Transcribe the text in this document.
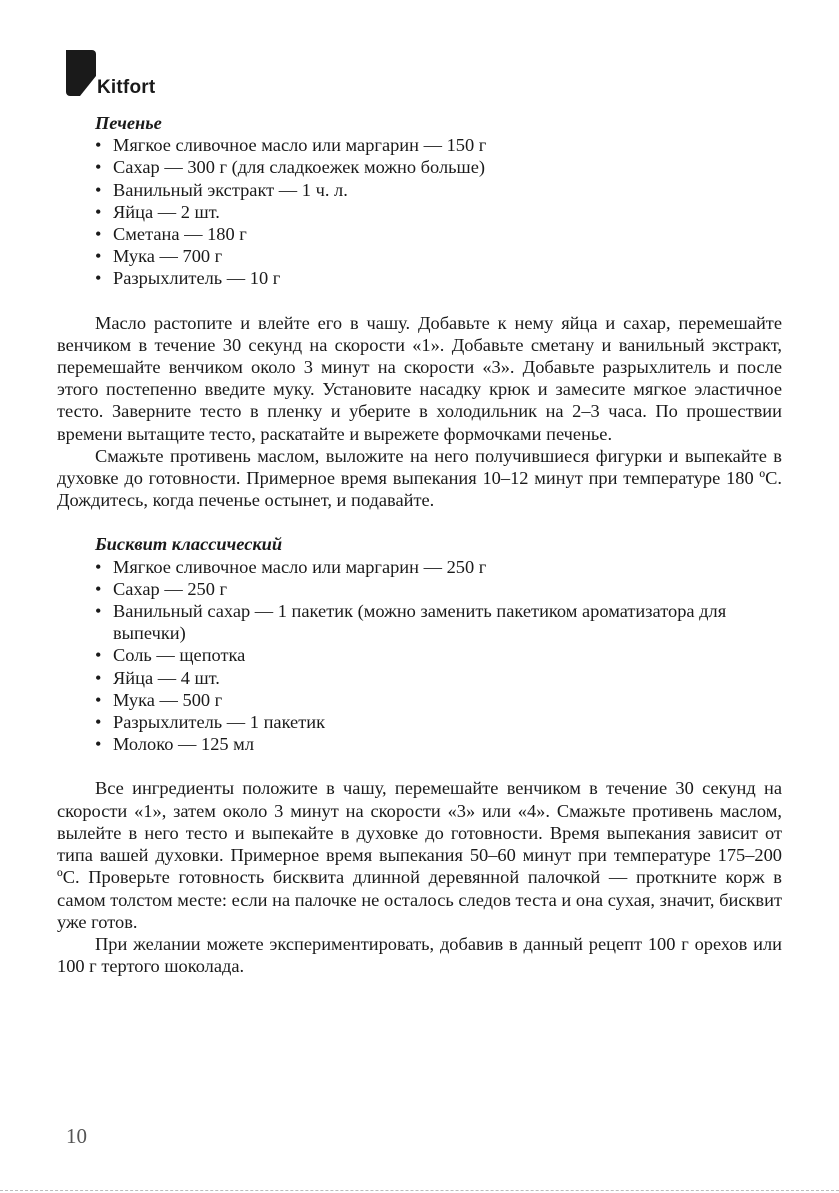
Kitfort

Печенье

• Мягкое сливочное масло или маргарин — 150 г
• Сахар — 300 г (для сладкоежек можно больше)
• Ванильный экстракт — 1 ч. л.
• Яйца — 2 шт.
• Сметана — 180 г
• Мука — 700 г
• Разрыхлитель — 10 г

Масло растопите и влейте его в чашу. Добавьте к нему яйца и сахар, перемешайте венчиком в течение 30 секунд на скорости «1». Добавьте сметану и ванильный экстракт, перемешайте венчиком около 3 минут на скорости «3». Добавьте разрыхлитель и после этого постепенно введите муку. Установите насадку крюк и замесите мягкое эластичное тесто. Заверните тесто в пленку и уберите в холодильник на 2–3 часа. По прошествии времени вытащите тесто, раскатайте и вырежете формочками печенье.

Смажьте противень маслом, выложите на него получившиеся фигурки и выпекайте в духовке до готовности. Примерное время выпекания 10–12 минут при температуре 180 ºС. Дождитесь, когда печенье остынет, и подавайте.

Бисквит классический

• Мягкое сливочное масло или маргарин — 250 г
• Сахар — 250 г
• Ванильный сахар — 1 пакетик (можно заменить пакетиком ароматизатора для выпечки)
• Соль — щепотка
• Яйца — 4 шт.
• Мука — 500 г
• Разрыхлитель — 1 пакетик
• Молоко — 125 мл

Все ингредиенты положите в чашу, перемешайте венчиком в течение 30 секунд на скорости «1», затем около 3 минут на скорости «3» или «4». Смажьте противень маслом, вылейте в него тесто и выпекайте в духовке до готовности. Время выпекания зависит от типа вашей духовки. Примерное время выпекания 50–60 минут при температуре 175–200 ºС. Проверьте готовность бисквита длинной деревянной палочкой — проткните корж в самом толстом месте: если на палочке не осталось следов теста и она сухая, значит, бисквит уже готов.

При желании можете экспериментировать, добавив в данный рецепт 100 г орехов или 100 г тертого шоколада.

10
